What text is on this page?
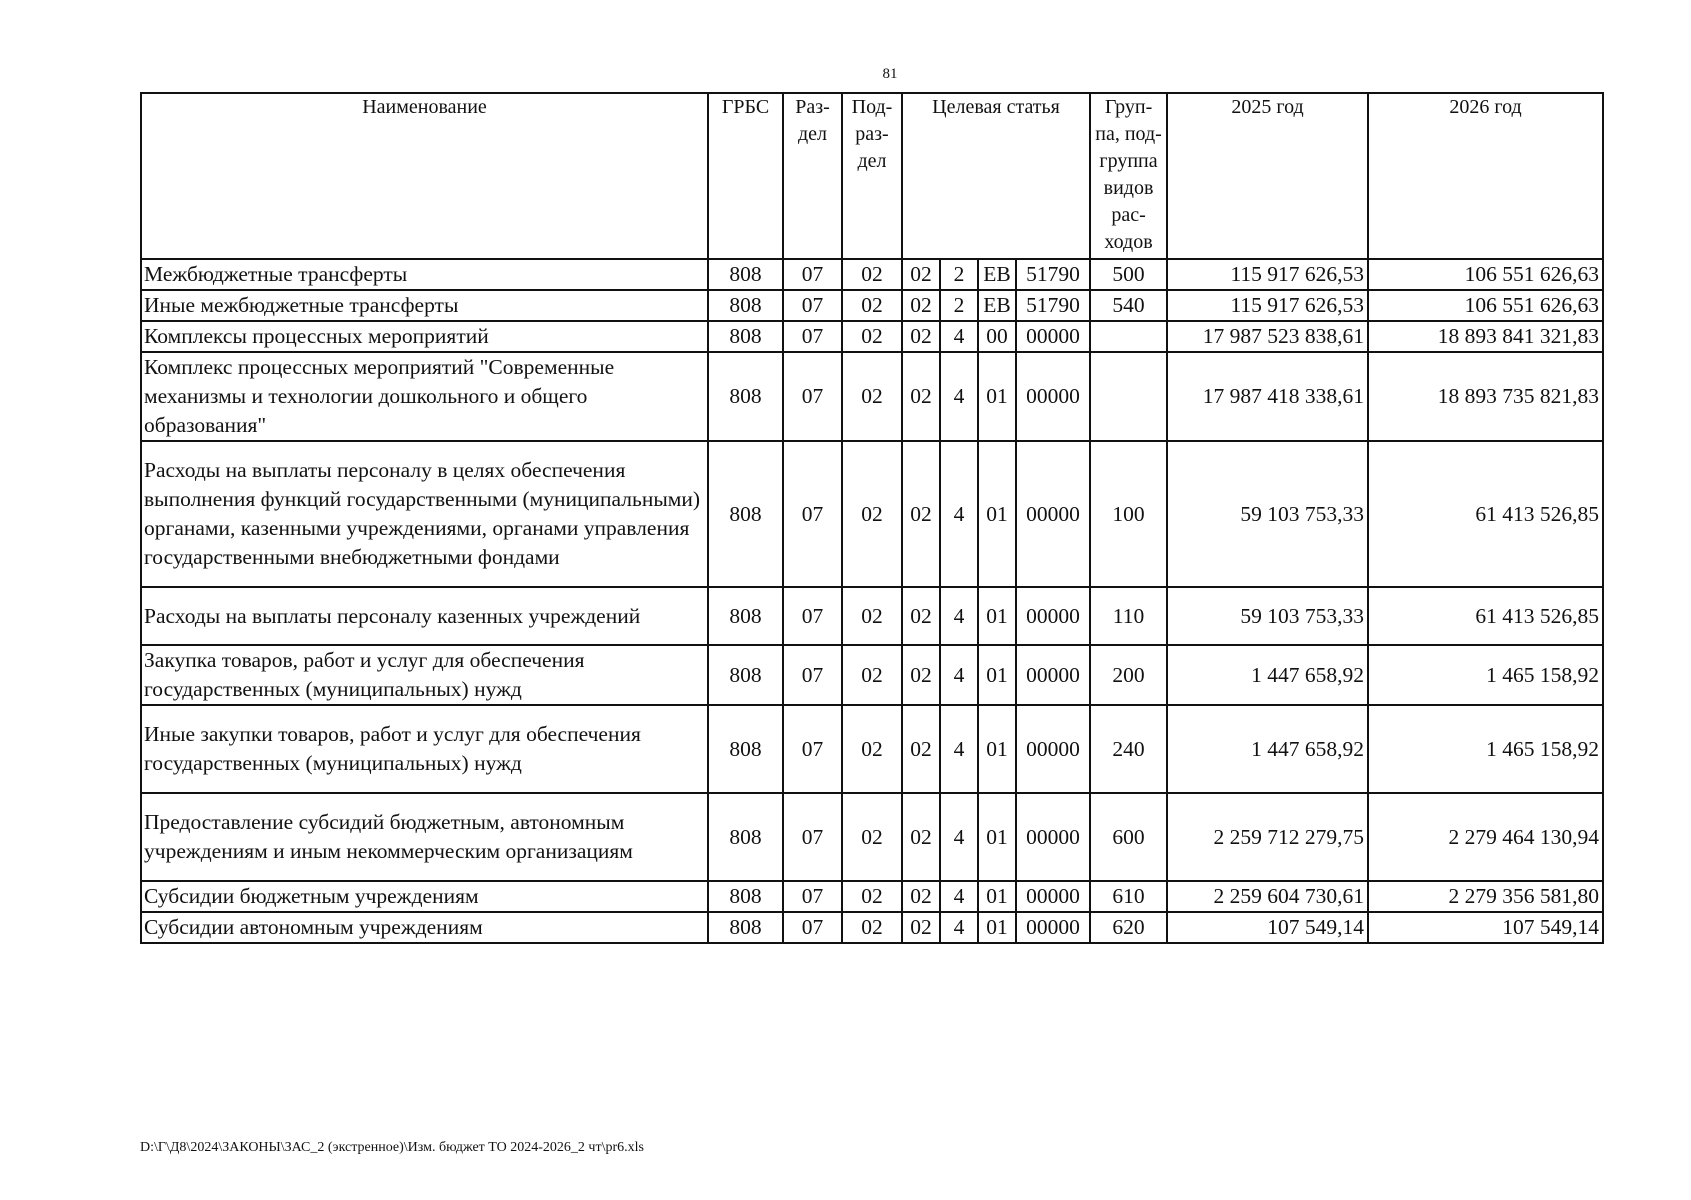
81
Наименование	ГРБС	Раз-дел	Под-раз-дел	Целевая статья				Груп-па, под-группа видов рас-ходов	2025 год	2026 год
Межбюджетные трансферты	808	07	02	02	2	ЕВ	51790	500	115 917 626,53	106 551 626,63
Иные межбюджетные трансферты	808	07	02	02	2	ЕВ	51790	540	115 917 626,53	106 551 626,63
Комплексы процессных мероприятий	808	07	02	02	4	00	00000		17 987 523 838,61	18 893 841 321,83
Комплекс процессных мероприятий "Современные механизмы и технологии дошкольного и общего образования"	808	07	02	02	4	01	00000		17 987 418 338,61	18 893 735 821,83
Расходы на выплаты персоналу в целях обеспечения выполнения функций государственными (муниципальными) органами, казенными учреждениями, органами управления государственными внебюджетными фондами	808	07	02	02	4	01	00000	100	59 103 753,33	61 413 526,85
Расходы на выплаты персоналу казенных учреждений	808	07	02	02	4	01	00000	110	59 103 753,33	61 413 526,85
Закупка товаров, работ и услуг для обеспечения государственных (муниципальных) нужд	808	07	02	02	4	01	00000	200	1 447 658,92	1 465 158,92
Иные закупки товаров, работ и услуг для обеспечения государственных (муниципальных) нужд	808	07	02	02	4	01	00000	240	1 447 658,92	1 465 158,92
Предоставление субсидий бюджетным, автономным учреждениям и иным некоммерческим организациям	808	07	02	02	4	01	00000	600	2 259 712 279,75	2 279 464 130,94
Субсидии бюджетным учреждениям	808	07	02	02	4	01	00000	610	2 259 604 730,61	2 279 356 581,80
Субсидии автономным учреждениям	808	07	02	02	4	01	00000	620	107 549,14	107 549,14
D:\Г\Д8\2024\ЗАКОНЫ\ЗАС_2 (экстренное)\Изм. бюджет ТО 2024-2026_2 чт\pr6.xls
